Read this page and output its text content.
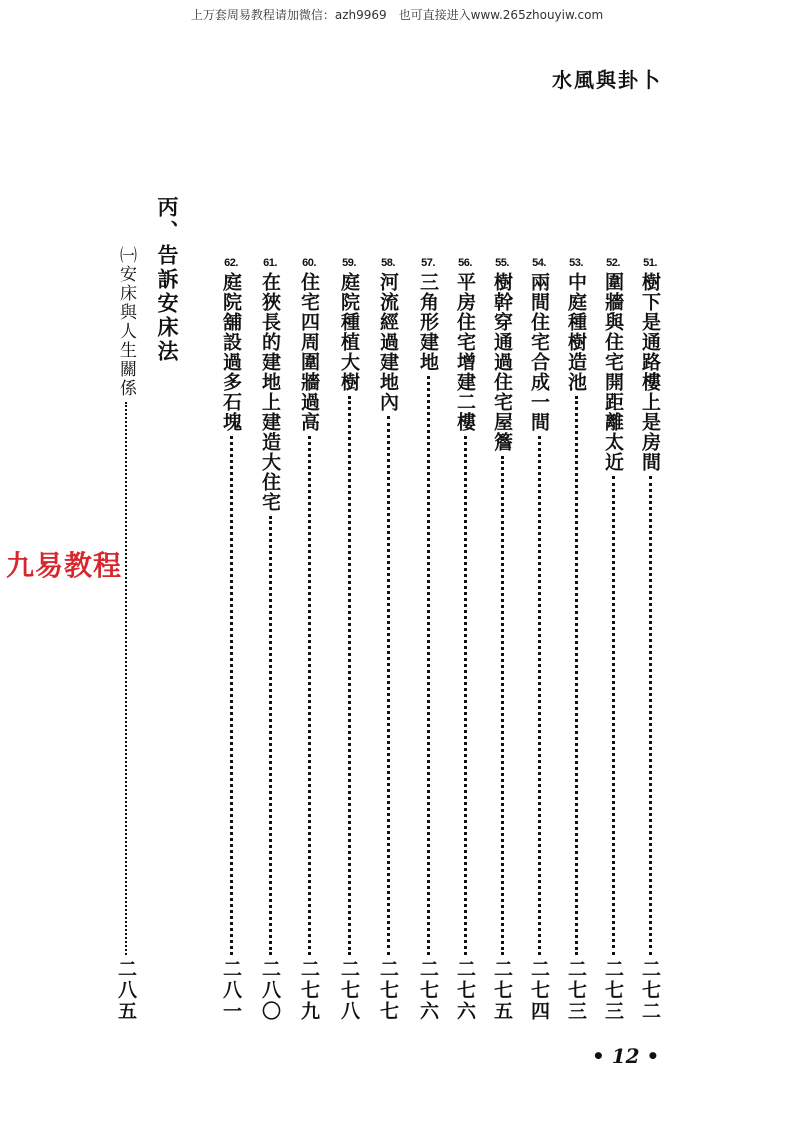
上万套周易教程请加微信：azh9969　也可直接进入www.265zhouyiw.com
水風與卦卜
丙、告訴安床法
㈠安床與人生關係
二八五
51.
樹下是通路樓上是房間
二七二
52.
圍牆與住宅開距離太近
二七三
53.
中庭種樹造池
二七三
54.
兩間住宅合成一間
二七四
55.
樹幹穿通過住宅屋簷
二七五
56.
平房住宅增建二樓
二七六
57.
三角形建地
二七六
58.
河流經過建地內
二七七
59.
庭院種植大樹
二七八
60.
住宅四周圍牆過高
二七九
61.
在狹長的建地上建造大住宅
二八〇
62.
庭院舖設過多石塊
二八一
九易教程
• 12 •
